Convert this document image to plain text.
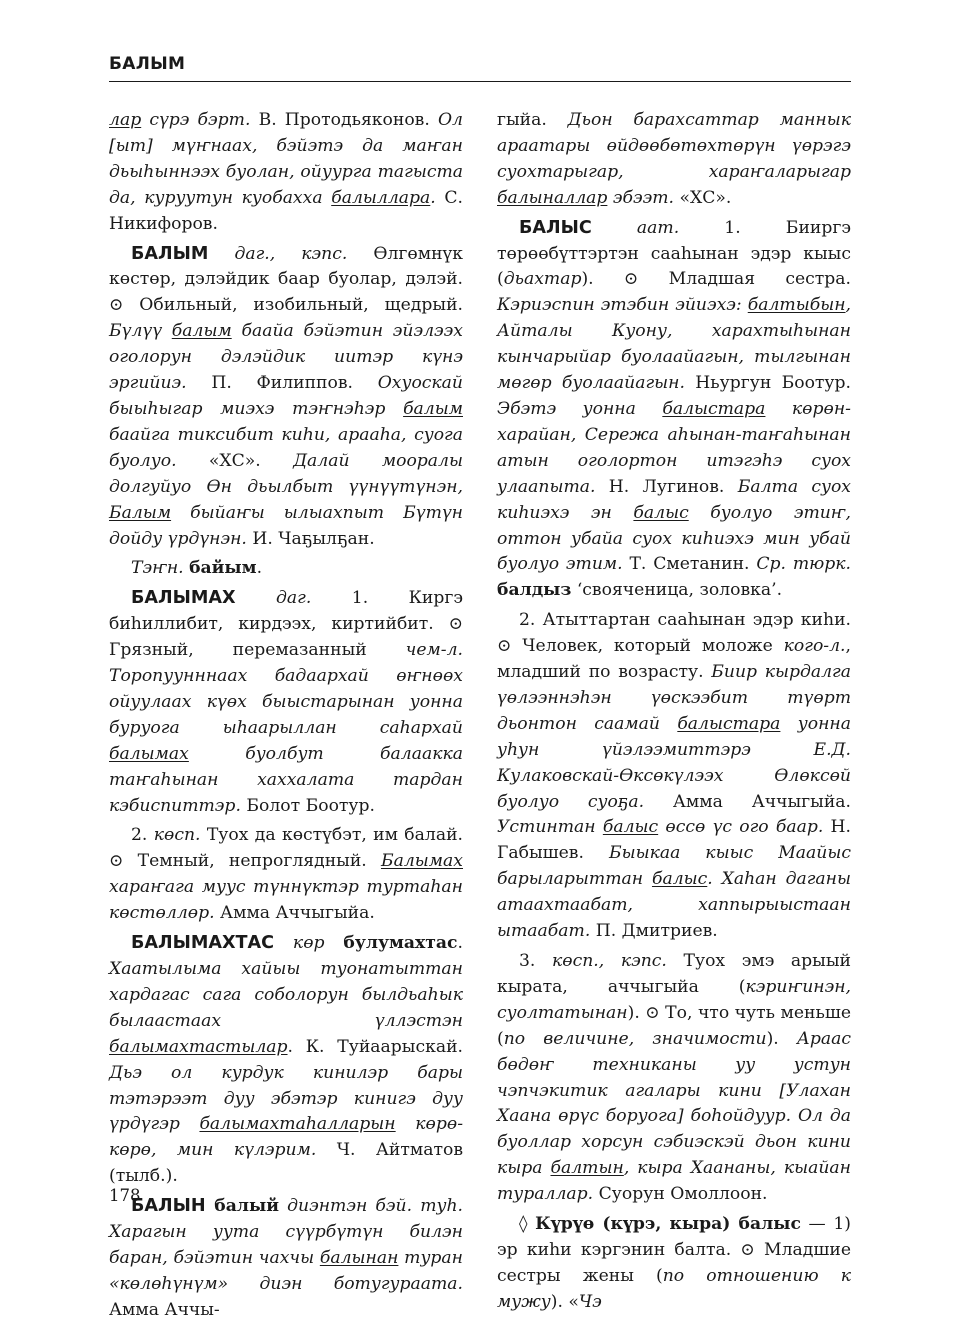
БАЛЫМ

лар сүрэ бэрт. В. Протодьяконов. Ол [ыт] мүҥнаах, бэйэтэ да маҥан дьыһыннээх буолан, ойуурга тагыста да, куруутун куобахха балыллара. С. Никифоров.

БАЛЫМ даг., кэпс. Өлгөмнүк көстөр, дэлэйдик баар буолар, дэлэй. ⊙ Обильный, изобильный, щедрый. Бүлүү балым баайа бэйэтин эйэлээх оголорун дэлэйдик иитэр күнэ эргийиэ. П. Филиппов. Охуоскай быыһыгар миэхэ тэҥнэһэр балым баайга тиксибит киһи, арааһа, суога буолуо. «ХС». Далай мооралы долгуйуо Өн дьылбыт үүнүүтүнэн, Балым быйаҥы ылыахпыт Бүтүн дойду үрдүнэн. И. Чаҕылҕан.

Тэҥн. байым.

БАЛЫМАХ даг. 1. Киргэ биһиллибит, кирдээх, киртийбит. ⊙ Грязный, перемазанный чем-л. Торопуунннаах бадаархай өҥнөөх ойуулаах күөх быыстарынан уонна буруога ыһаарыллан саһархай балымах буолбут балаакка таҥаһынан хаххалата тардан кэбиспиттэр. Болот Боотур.

2. көсп. Туох да көстүбэт, им балай. ⊙ Темный, непроглядный. Балымах хараҥага муус түннүктэр туртаһан көстөллөр. Амма Аччыгыйа.

БАЛЫМАХТАС көр булумахтас. Хаатылыма хайыы туонатыттан хардагас сага соболорун былдьаһык былаастаах үллэстэн балымахтастылар. К. Туйаарыскай. Дьэ ол курдук кинилэр бары тэтэрээт дуу эбэтэр кинигэ дуу үрдүгэр балымахтаһалларын көрө-көрө, мин күлэрим. Ч. Айтматов (тылб.).

БАЛЫН балый диэнтэн бэй. туһ. Харагын уута сүүрбүтүн билэн баран, бэйэтин чахчы балынан туран «көлөһүнүм» диэн ботугураата. Амма Аччы-

гыйа. Дьон барахсаттар маннык араатары өйдөөбөтөхтөрүн үөрэгэ суохтарыгар, хараҥаларыгар балыналлар эбээт. «ХС».

БАЛЫС аат. 1. Бииргэ төрөөбүттэртэн сааһынан эдэр кыыс (дьахтар). ⊙ Младшая сестра. Кэриэспин этэбин эйиэхэ: балтыбын, Айталы Куону, харахтыһынан кынчарыйар буолаайагын, тылгынан мөгөр буолаайагын. Ньургун Боотур. Эбэтэ уонна балыстара көрөн-харайан, Сережа аһынан-таҥаһынан атын оголортон итэгэһэ суох улаапыта. Н. Лугинов. Балта суох киһиэхэ эн балыс буолуо этиҥ, оттон убайа суох киһиэхэ мин убай буолуо этим. Т. Сметанин. Ср. тюрк. балдыз ‘свояченица, золовка’.

2. Атыттартан сааһынан эдэр киһи. ⊙ Человек, который моложе кого-л., младший по возрасту. Биир кырдалга үөлээннэһэн үөскээбит түөрт дьонтон саамай балыстара уонна уһун үйэлээмиттэрэ Е.Д. Кулаковскай-Өксөкүлээх Өлөксөй буолуо суоҕа. Амма Аччыгыйа. Устинтан балыс өссө үс ого баар. Н. Габышев. Быыкаа кыыс Маайыс барыларыттан балыс. Хаһан даганы атаахтаабат, хаппырыыстаан ытаабат. П. Дмитриев.

3. көсп., кэпс. Туох эмэ арыый кырата, аччыгыйа (кэриҥинэн, суолтатынан). ⊙ То, что чуть меньше (по величине, значимости). Араас бөдөҥ техниканы уу устун чэпчэкитик агалары кини [Улахан Хаана өрүс боруога] боһойдуур. Ол да буоллар хорсун сэбиэскэй дьон кини кыра балтын, кыра Хаананы, кыайан тураллар. Суорун Омоллоон.

◊ Күрүө (күрэ, кыра) балыс — 1) эр киһи кэргэнин балта. ⊙ Младшие сестры жены (по отношению к мужу). «Чэ

178
